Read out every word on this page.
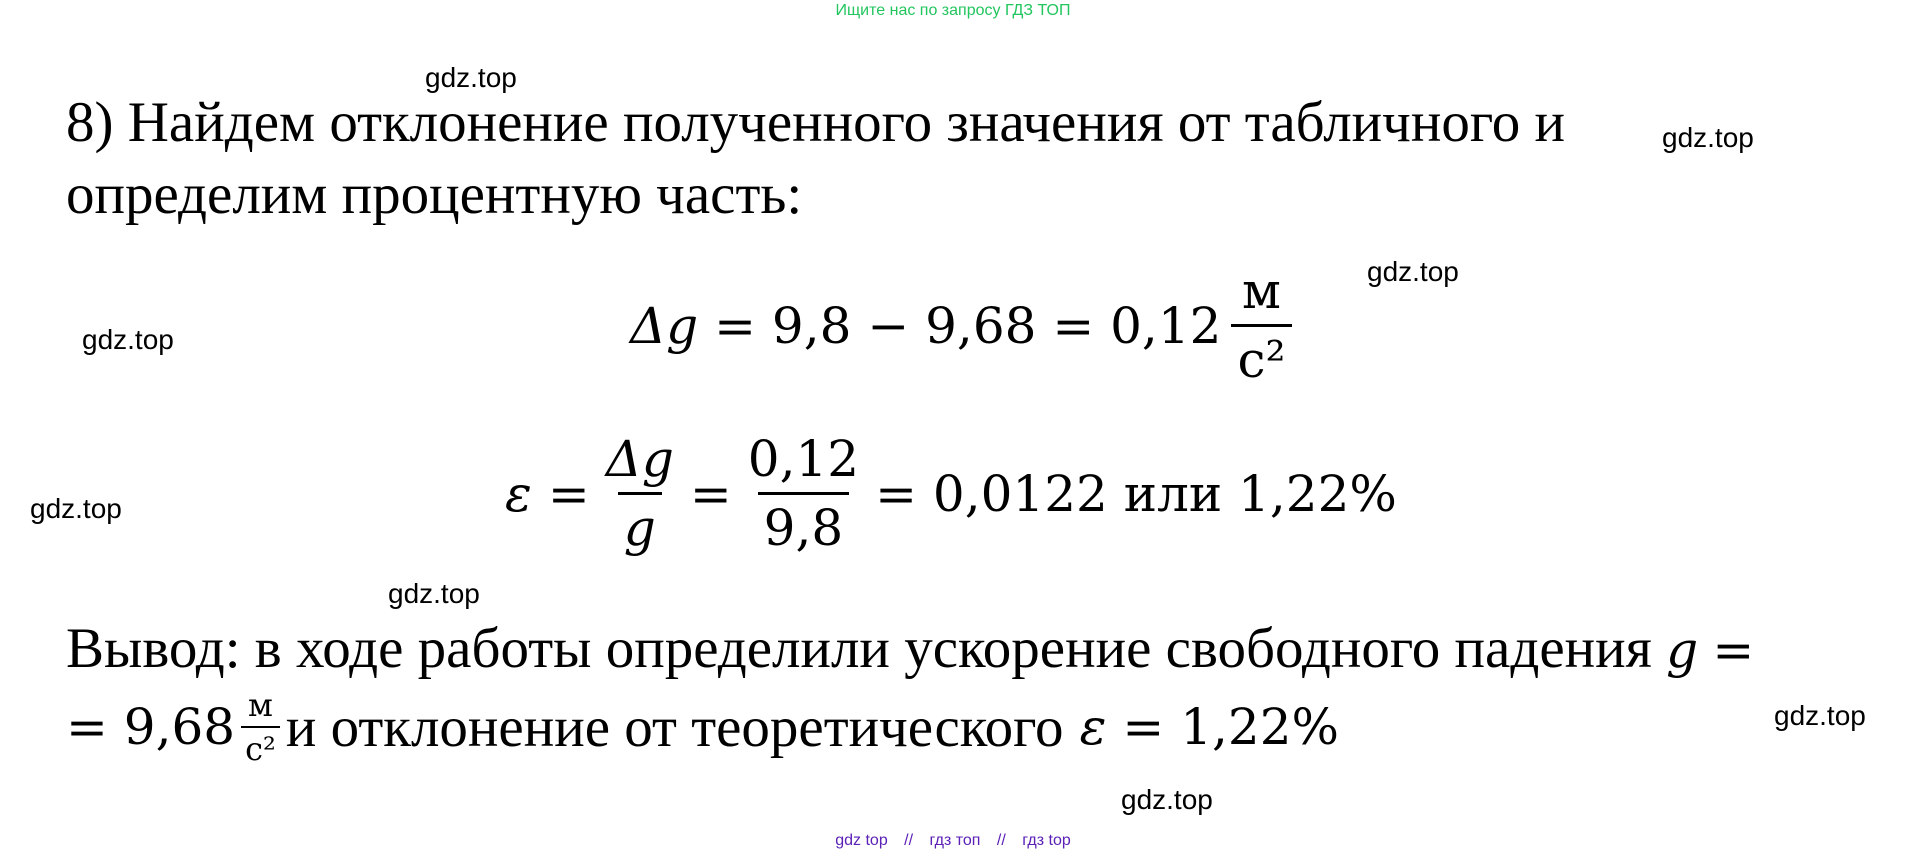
Ищите нас по запросу ГДЗ ТОП
gdz.top
gdz.top
gdz.top
gdz.top
gdz.top
gdz.top
gdz.top
gdz.top
8) Найдем отклонение полученного значения от табличного и
определим процентную часть:
Δ $g = 9,8 - 9,68 = 0,12 \frac{м}{\text{с²}}$
$\varepsilon = \frac{\Delta g}{g} = \frac{0,12}{9,8} = 0,0122$ или 1,22%
Вывод: в ходе работы определили ускорение свободного падения g =
= $9,68 \frac{м}{\text{с²}}$ и отклонение от теоретического ε = 1,22%
gdz top // гдз топ // гдз top
